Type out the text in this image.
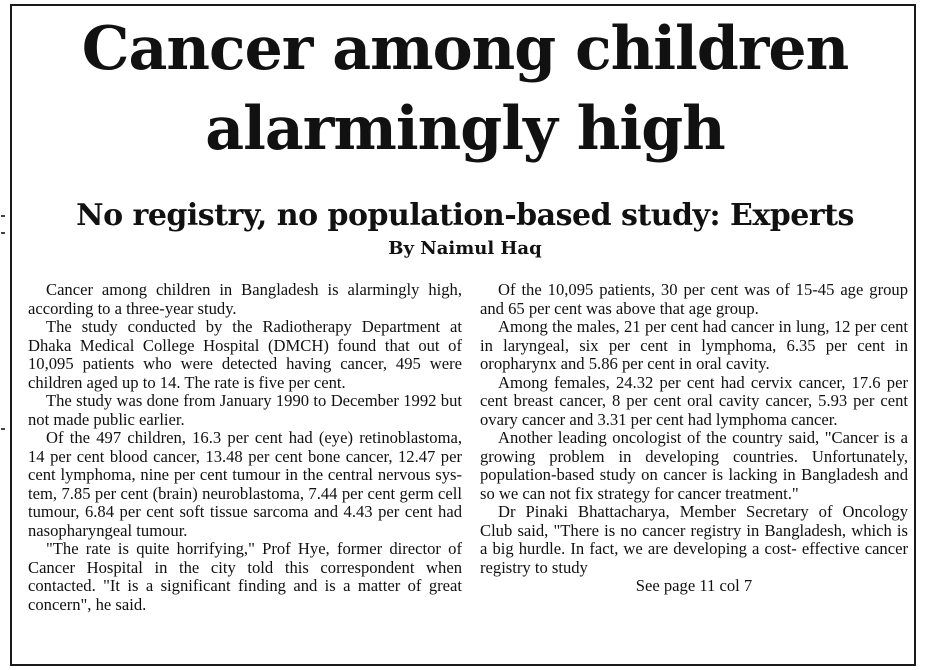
Cancer among children
alarmingly high
No registry, no population-based study: Experts
By Naimul Haq

Cancer among children in Bangladesh is alarmingly high, according to a three-year study.

The study conducted by the Radiotherapy Department at Dhaka Medical College Hospital (DMCH) found that out of 10,095 patients who were detected having cancer, 495 were children aged up to 14. The rate is five per cent.

The study was done from January 1990 to December 1992 but not made public earlier.

Of the 497 children, 16.3 per cent had (eye) retinoblastoma, 14 per cent blood cancer, 13.48 per cent bone cancer, 12.47 per cent lymphoma, nine per cent tumour in the central nervous system, 7.85 per cent (brain) neuroblastoma, 7.44 per cent germ cell tumour, 6.84 per cent soft tissue sarcoma and 4.43 per cent had nasopharyngeal tumour.

"The rate is quite horrifying," Prof Hye, former director of Cancer Hospital in the city told this correspondent when contacted. "It is a significant finding and is a matter of great concern", he said.

Of the 10,095 patients, 30 per cent was of 15-45 age group and 65 per cent was above that age group.

Among the males, 21 per cent had cancer in lung, 12 per cent in laryngeal, six per cent in lymphoma, 6.35 per cent in oropharynx and 5.86 per cent in oral cavity.

Among females, 24.32 per cent had cervix cancer, 17.6 per cent breast cancer, 8 per cent oral cavity cancer, 5.93 per cent ovary cancer and 3.31 per cent had lymphoma cancer.

Another leading oncologist of the country said, "Cancer is a growing problem in developing countries. Unfortunately, population-based study on cancer is lacking in Bangladesh and so we can not fix strategy for cancer treatment."

Dr Pinaki Bhattacharya, Member Secretary of Oncology Club said, "There is no cancer registry in Bangladesh, which is a big hurdle. In fact, we are developing a cost- effective cancer registry to study

See page 11 col 7
